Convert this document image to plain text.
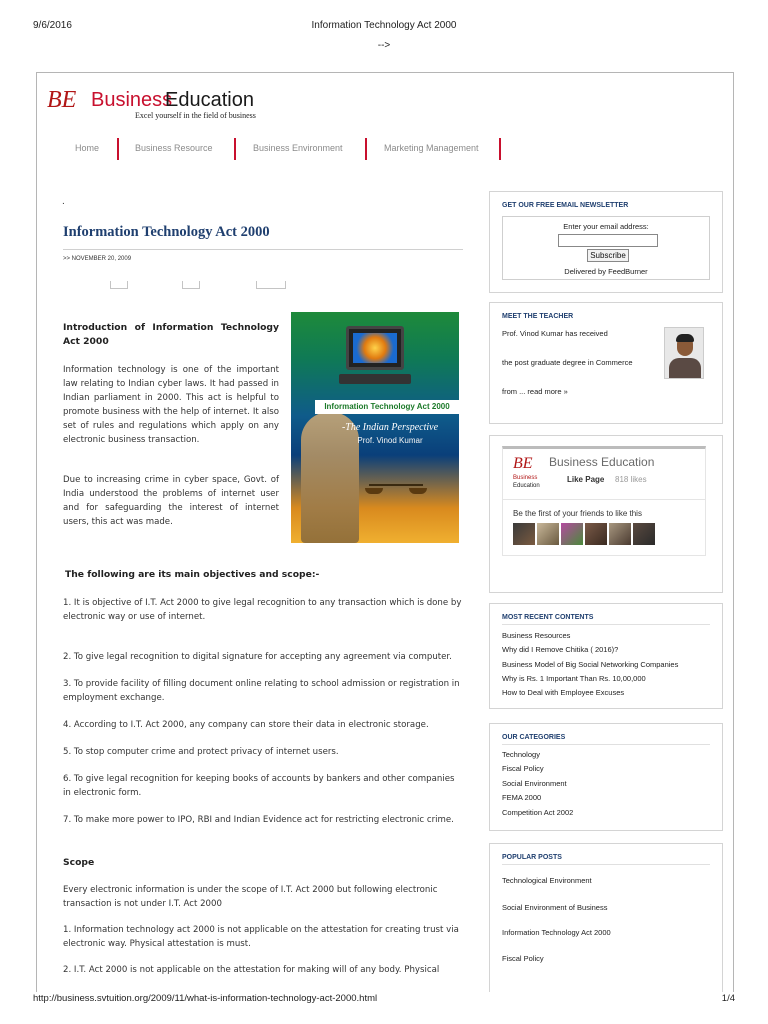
9/6/2016	Information Technology Act 2000
-->
BE Business
Education
Excel yourself in the field of business
Home	Business Resource	Business Environment	Marketing Management
.
Information Technology Act 2000
>> NOVEMBER 20, 2009
Introduction of Information Technology Act 2000

Information technology is one of the important law relating to Indian cyber laws. It had passed in Indian parliament in 2000. This act is helpful to promote business with the help of internet. It also set of rules and regulations which apply on any electronic business transaction.

Due to increasing crime in cyber space, Govt. of India understood the problems of internet user and for safeguarding the interest of internet users, this act was made.

Information Technology Act 2000
-The Indian Perspective
Prof. Vinod Kumar
The following are its main objectives and scope:-

1. It is objective of I.T. Act 2000 to give legal recognition to any transaction which is done by electronic way or use of internet.

2. To give legal recognition to digital signature for accepting any agreement via computer.

3. To provide facility of filling document online relating to school admission or registration in employment exchange.

4. According to I.T. Act 2000, any company can store their data in electronic storage.

5. To stop computer crime and protect privacy of internet users.

6. To give legal recognition for keeping books of accounts by bankers and other companies in electronic form.

7. To make more power to IPO, RBI and Indian Evidence act for restricting electronic crime.

Scope

Every electronic information is under the scope of I.T. Act 2000 but following electronic transaction is not under I.T. Act 2000

1. Information technology act 2000 is not applicable on the attestation for creating trust via electronic way. Physical attestation is must.

2. I.T. Act 2000 is not applicable on the attestation for making will of any body. Physical

GET OUR FREE EMAIL NEWSLETTER
Enter your email address:
Subscribe
Delivered by FeedBurner
MEET THE TEACHER
Prof. Vinod Kumar has received
the post graduate degree in Commerce
from ... read more »
BE
Business
Education
Business Education
Like Page 818 likes
Be the first of your friends to like this
MOST RECENT CONTENTS
Business Resources
Why did I Remove Chitika ( 2016)?
Business Model of Big Social Networking Companies
Why is Rs. 1 Important Than Rs. 10,00,000
How to Deal with Employee Excuses
OUR CATEGORIES
Technology
Fiscal Policy
Social Environment
FEMA 2000
Competition Act 2002
POPULAR POSTS
Technological Environment
Social Environment of Business
Information Technology Act 2000
Fiscal Policy
http://business.svtuition.org/2009/11/what-is-information-technology-act-2000.html	1/4
